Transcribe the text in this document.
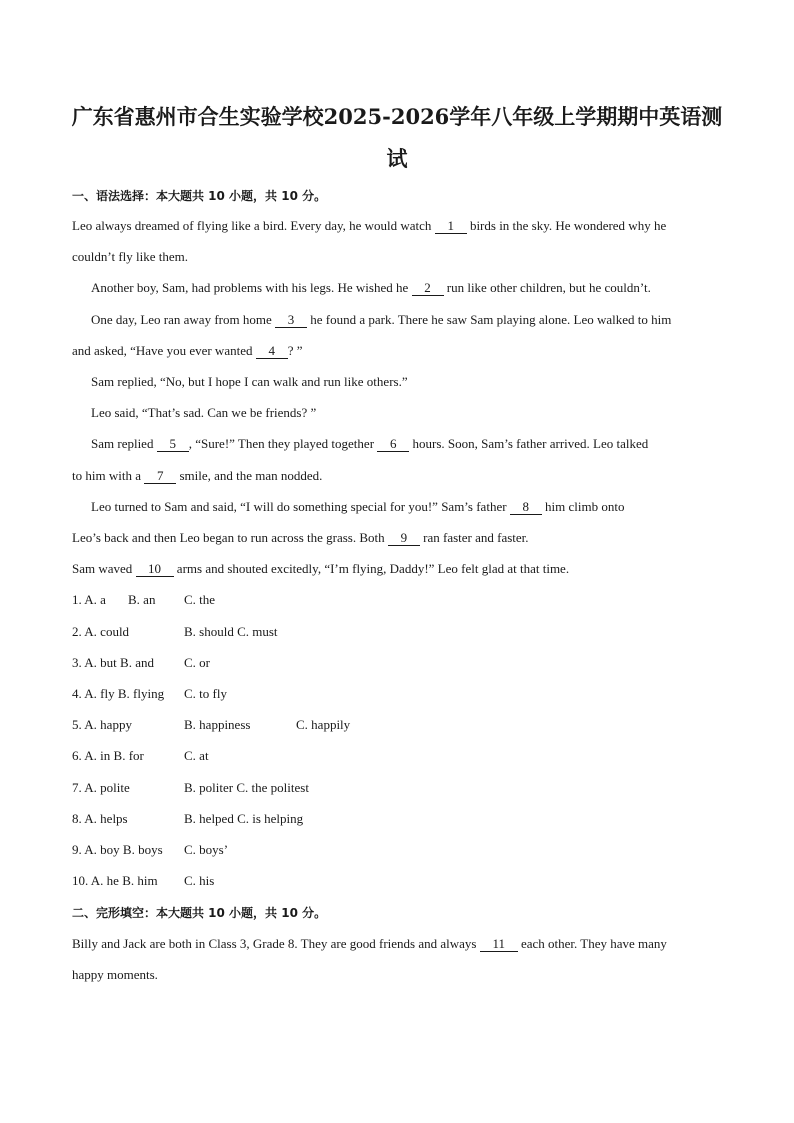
广东省惠州市合生实验学校2025-2026学年八年级上学期期中英语测
试
一、语法选择：本大题共 10 小题，共 10 分。
Leo always dreamed of flying like a bird. Every day, he would watch 1 birds in the sky. He wondered why he
couldn’t fly like them.
Another boy, Sam, had problems with his legs. He wished he 2 run like other children, but he couldn’t.
One day, Leo ran away from home 3 he found a park. There he saw Sam playing alone. Leo walked to him
and asked, “Have you ever wanted 4 ? ”
Sam replied, “No, but I hope I can walk and run like others.”
Leo said, “That’s sad. Can we be friends? ”
Sam replied 5 , “Sure!” Then they played together 6 hours. Soon, Sam’s father arrived. Leo talked
to him with a 7 smile, and the man nodded.
Leo turned to Sam and said, “I will do something special for you!” Sam’s father 8 him climb onto
Leo’s back and then Leo began to run across the grass. Both 9 ran faster and faster.
Sam waved 10 arms and shouted excitedly, “I’m flying, Daddy!” Leo felt glad at that time.
1. A. a B. an C. the
2. A. could	B. should C. must
3. A. but B. and C. or
4. A. fly B. flying C. to fly
5. A. happy	B. happiness	C. happily
6. A. in B. for	C. at
7. A. polite	B. politer C. the politest
8. A. helps	B. helped C. is helping
9. A. boy B. boys C. boys’
10. A. he B. him C. his
二、完形填空：本大题共 10 小题，共 10 分。
Billy and Jack are both in Class 3, Grade 8. They are good friends and always 11 each other. They have many
happy moments.
